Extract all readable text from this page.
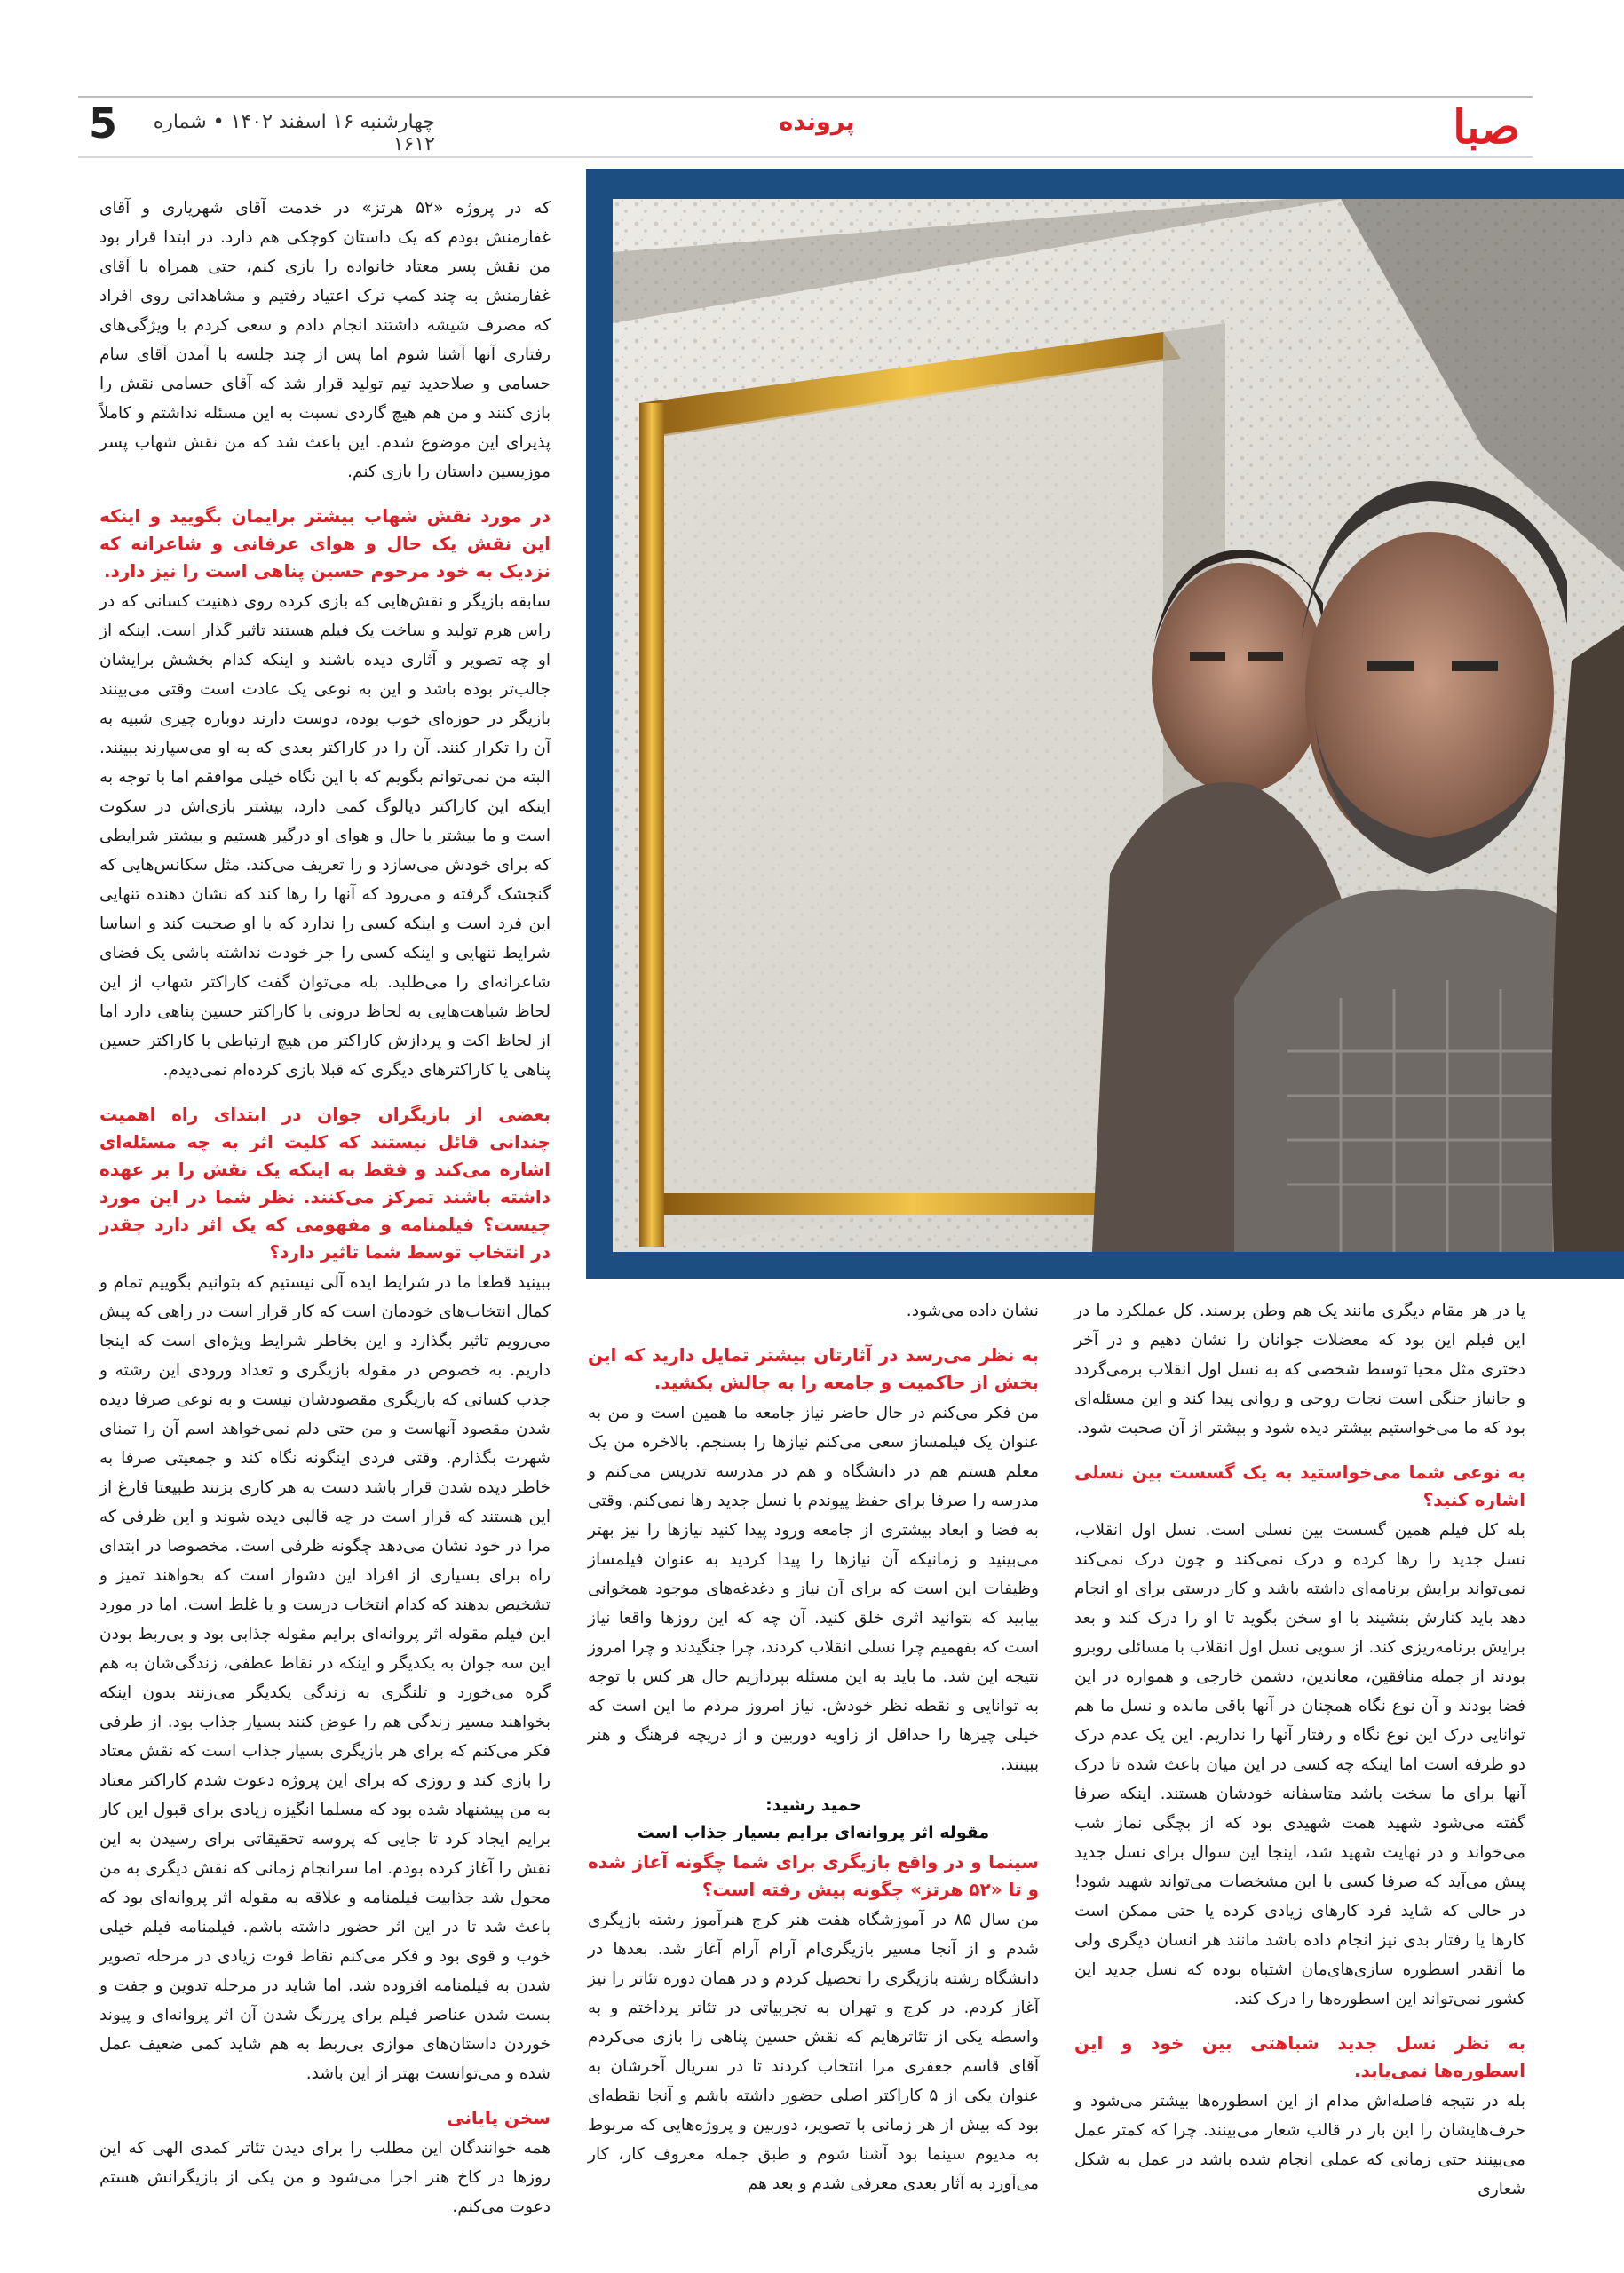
صبا
پرونده
چهارشنبه ۱۶ اسفند ۱۴۰۲ • شماره ۱۶۱۲
5

که در پروژه «۵۲ هرتز» در خدمت آقای شهریاری و آقای غفارمنش بودم که یک داستان کوچکی هم دارد. در ابتدا قرار بود من نقش پسر معتاد خانواده را بازی کنم، حتی همراه با آقای غفارمنش به چند کمپ ترک اعتیاد رفتیم و مشاهداتی روی افراد که مصرف شیشه داشتند انجام دادم و سعی کردم با ویژگی‌های رفتاری آنها آشنا شوم اما پس از چند جلسه با آمدن آقای سام حسامی و صلاحدید تیم تولید قرار شد که آقای حسامی نقش را بازی کنند و من هم هیچ گاردی نسبت به این مسئله نداشتم و کاملاً پذیرای این موضوع شدم. این باعث شد که من نقش شهاب پسر موزیسین داستان را بازی کنم.

در مورد نقش شهاب بیشتر برایمان بگویید و اینکه این نقش یک حال و هوای عرفانی و شاعرانه که نزدیک به خود مرحوم حسین پناهی است را نیز دارد.

سابقه بازیگر و نقش‌هایی که بازی کرده روی ذهنیت کسانی که در راس هرم تولید و ساخت یک فیلم هستند تاثیر گذار است. اینکه از او چه تصویر و آثاری دیده باشند و اینکه کدام بخشش برایشان جالب‌تر بوده باشد و این به نوعی یک عادت است وقتی می‌بینند بازیگر در حوزه‌ای خوب بوده، دوست دارند دوباره چیزی شبیه به آن را تکرار کنند. آن را در کاراکتر بعدی که به او می‌سپارند ببینند. البته من نمی‌توانم بگویم که با این نگاه خیلی موافقم اما با توجه به اینکه این کاراکتر دیالوگ کمی دارد، بیشتر بازی‌اش در سکوت است و ما بیشتر با حال و هوای او درگیر هستیم و بیشتر شرایطی که برای خودش می‌سازد و را تعریف می‌کند. مثل سکانس‌هایی که گنجشک گرفته و می‌رود که آنها را رها کند که نشان دهنده تنهایی این فرد است و اینکه کسی را ندارد که با او صحبت کند و اساسا شرایط تنهایی و اینکه کسی را جز خودت نداشته باشی یک فضای شاعرانه‌ای را می‌طلبد. بله می‌توان گفت کاراکتر شهاب از این لحاظ شباهت‌هایی به لحاظ درونی با کاراکتر حسین پناهی دارد اما از لحاظ اکت و پردازش کاراکتر من هیچ ارتباطی با کاراکتر حسین پناهی یا کاراکترهای دیگری که قبلا بازی کرده‌ام نمی‌دیدم.

بعضی از بازیگران جوان در ابتدای راه اهمیت چندانی قائل نیستند که کلیت اثر به چه مسئله‌ای اشاره می‌کند و فقط به اینکه یک نقش را بر عهده داشته باشند تمرکز می‌کنند. نظر شما در این مورد چیست؟ فیلمنامه و مفهومی که یک اثر دارد چقدر در انتخاب توسط شما تاثیر دارد؟

ببینید قطعا ما در شرایط ایده آلی نیستیم که بتوانیم بگوییم تمام و کمال انتخاب‌های خودمان است که کار قرار است در راهی که پیش می‌رویم تاثیر بگذارد و این بخاطر شرایط ویژه‌ای است که اینجا داریم. به خصوص در مقوله بازیگری و تعداد ورودی این رشته و جذب کسانی که بازیگری مقصودشان نیست و به نوعی صرفا دیده شدن مقصود آنهاست و من حتی دلم نمی‌خواهد اسم آن را تمنای شهرت بگذارم. وقتی فردی اینگونه نگاه کند و جمعیتی صرفا به خاطر دیده شدن قرار باشد دست به هر کاری بزنند طبیعتا فارغ از این هستند که قرار است در چه قالبی دیده شوند و این ظرفی که مرا در خود نشان می‌دهد چگونه ظرفی است. مخصوصا در ابتدای راه برای بسیاری از افراد این دشوار است که بخواهند تمیز و تشخیص بدهند که کدام انتخاب درست و یا غلط است. اما در مورد این فیلم مقوله اثر پروانه‌ای برایم مقوله جذابی بود و بی‌ربط بودن این سه جوان به یکدیگر و اینکه در نقاط عطفی، زندگی‌شان به هم گره می‌خورد و تلنگری به زندگی یکدیگر می‌زنند بدون اینکه بخواهند مسیر زندگی هم را عوض کنند بسیار جذاب بود. از طرفی فکر می‌کنم که برای هر بازیگری بسیار جذاب است که نقش معتاد را بازی کند و روزی که برای این پروژه دعوت شدم کاراکتر معتاد به من پیشنهاد شده بود که مسلما انگیزه زیادی برای قبول این کار برایم ایجاد کرد تا جایی که پروسه تحقیقاتی برای رسیدن به این نقش را آغاز کرده بودم. اما سرانجام زمانی که نقش دیگری به من محول شد جذابیت فیلمنامه و علاقه به مقوله اثر پروانه‌ای بود که باعث شد تا در این اثر حضور داشته باشم. فیلمنامه فیلم خیلی خوب و قوی بود و فکر می‌کنم نقاط قوت زیادی در مرحله تصویر شدن به فیلمنامه افزوده شد. اما شاید در مرحله تدوین و جفت و بست شدن عناصر فیلم برای پررنگ شدن آن اثر پروانه‌ای و پیوند خوردن داستان‌های موازی بی‌ربط به هم شاید کمی ضعیف عمل شده و می‌توانست بهتر از این باشد.

سخن پایانی

همه خوانندگان این مطلب را برای دیدن تئاتر کمدی الهی که این روزها در کاخ هنر اجرا می‌شود و من یکی از بازیگرانش هستم دعوت می‌کنم.

نشان داده می‌شود.

به نظر می‌رسد در آثارتان بیشتر تمایل دارید که این بخش از حاکمیت و جامعه را به چالش بکشید.

من فکر می‌کنم در حال حاضر نیاز جامعه ما همین است و من به عنوان یک فیلمساز سعی می‌کنم نیازها را بسنجم. بالاخره من یک معلم هستم هم در دانشگاه و هم در مدرسه تدریس می‌کنم و مدرسه را صرفا برای حفظ پیوندم با نسل جدید رها نمی‌کنم. وقتی به فضا و ابعاد بیشتری از جامعه ورود پیدا کنید نیازها را نیز بهتر می‌بینید و زمانیکه آن نیازها را پیدا کردید به عنوان فیلمساز وظیفات این است که برای آن نیاز و دغدغه‌های موجود همخوانی بیابید که بتوانید اثری خلق کنید. آن چه که این روزها واقعا نیاز است که بفهمیم چرا نسلی انقلاب کردند، چرا جنگیدند و چرا امروز نتیجه این شد. ما باید به این مسئله بپردازیم حال هر کس با توجه به توانایی و نقطه نظر خودش. نیاز امروز مردم ما این است که خیلی چیزها را حداقل از زاویه دوربین و از دریچه فرهنگ و هنر ببینند.

حمید رشید:
مقوله اثر پروانه‌ای برایم بسیار جذاب است
سینما و در واقع بازیگری برای شما چگونه آغاز شده و تا «۵۲ هرتز» چگونه پیش رفته است؟

من سال ۸۵ در آموزشگاه هفت هنر کرج هنرآموز رشته بازیگری شدم و از آنجا مسیر بازیگری‌ام آرام آرام آغاز شد. بعدها در دانشگاه رشته بازیگری را تحصیل کردم و در همان دوره تئاتر را نیز آغاز کردم. در کرج و تهران به تجربیاتی در تئاتر پرداختم و به واسطه یکی از تئاترهایم که نقش حسین پناهی را بازی می‌کردم آقای قاسم جعفری مرا انتخاب کردند تا در سریال آخرشان به عنوان یکی از ۵ کاراکتر اصلی حضور داشته باشم و آنجا نقطه‌ای بود که بیش از هر زمانی با تصویر، دوربین و پروژه‌هایی که مربوط به مدیوم سینما بود آشنا شوم و طبق جمله معروف کار، کار می‌آورد به آثار بعدی معرفی شدم و بعد هم

یا در هر مقام دیگری مانند یک هم وطن برسند. کل عملکرد ما در این فیلم این بود که معضلات جوانان را نشان دهیم و در آخر دختری مثل محیا توسط شخصی که به نسل اول انقلاب برمی‌گردد و جانباز جنگی است نجات روحی و روانی پیدا کند و این مسئله‌ای بود که ما می‌خواستیم بیشتر دیده شود و بیشتر از آن صحبت شود.

به نوعی شما می‌خواستید به یک گسست بین نسلی اشاره کنید؟

بله کل فیلم همین گسست بین نسلی است. نسل اول انقلاب، نسل جدید را رها کرده و درک نمی‌کند و چون درک نمی‌کند نمی‌تواند برایش برنامه‌ای داشته باشد و کار درستی برای او انجام دهد باید کنارش بنشیند با او سخن بگوید تا او را درک کند و بعد برایش برنامه‌ریزی کند. از سویی نسل اول انقلاب با مسائلی روبرو بودند از جمله منافقین، معاندین، دشمن خارجی و همواره در این فضا بودند و آن نوع نگاه همچنان در آنها باقی مانده و نسل ما هم توانایی درک این نوع نگاه و رفتار آنها را نداریم. این یک عدم درک دو طرفه است اما اینکه چه کسی در این میان باعث شده تا درک آنها برای ما سخت باشد متاسفانه خودشان هستند. اینکه صرفا گفته می‌شود شهید همت شهیدی بود که از بچگی نماز شب می‌خواند و در نهایت شهید شد، اینجا این سوال برای نسل جدید پیش می‌آید که صرفا کسی با این مشخصات می‌تواند شهید شود! در حالی که شاید فرد کارهای زیادی کرده یا حتی ممکن است کارها یا رفتار بدی نیز انجام داده باشد مانند هر انسان دیگری ولی ما آنقدر اسطوره سازی‌های‌مان اشتباه بوده که نسل جدید این کشور نمی‌تواند این اسطوره‌ها را درک کند.

به نظر نسل جدید شباهتی بین خود و این اسطوره‌ها نمی‌یابد.

بله در نتیجه فاصله‌اش مدام از این اسطوره‌ها بیشتر می‌شود و حرف‌هایشان را این بار در قالب شعار می‌بینند. چرا که کمتر عمل می‌بینند حتی زمانی که عملی انجام شده باشد در عمل به شکل شعاری
